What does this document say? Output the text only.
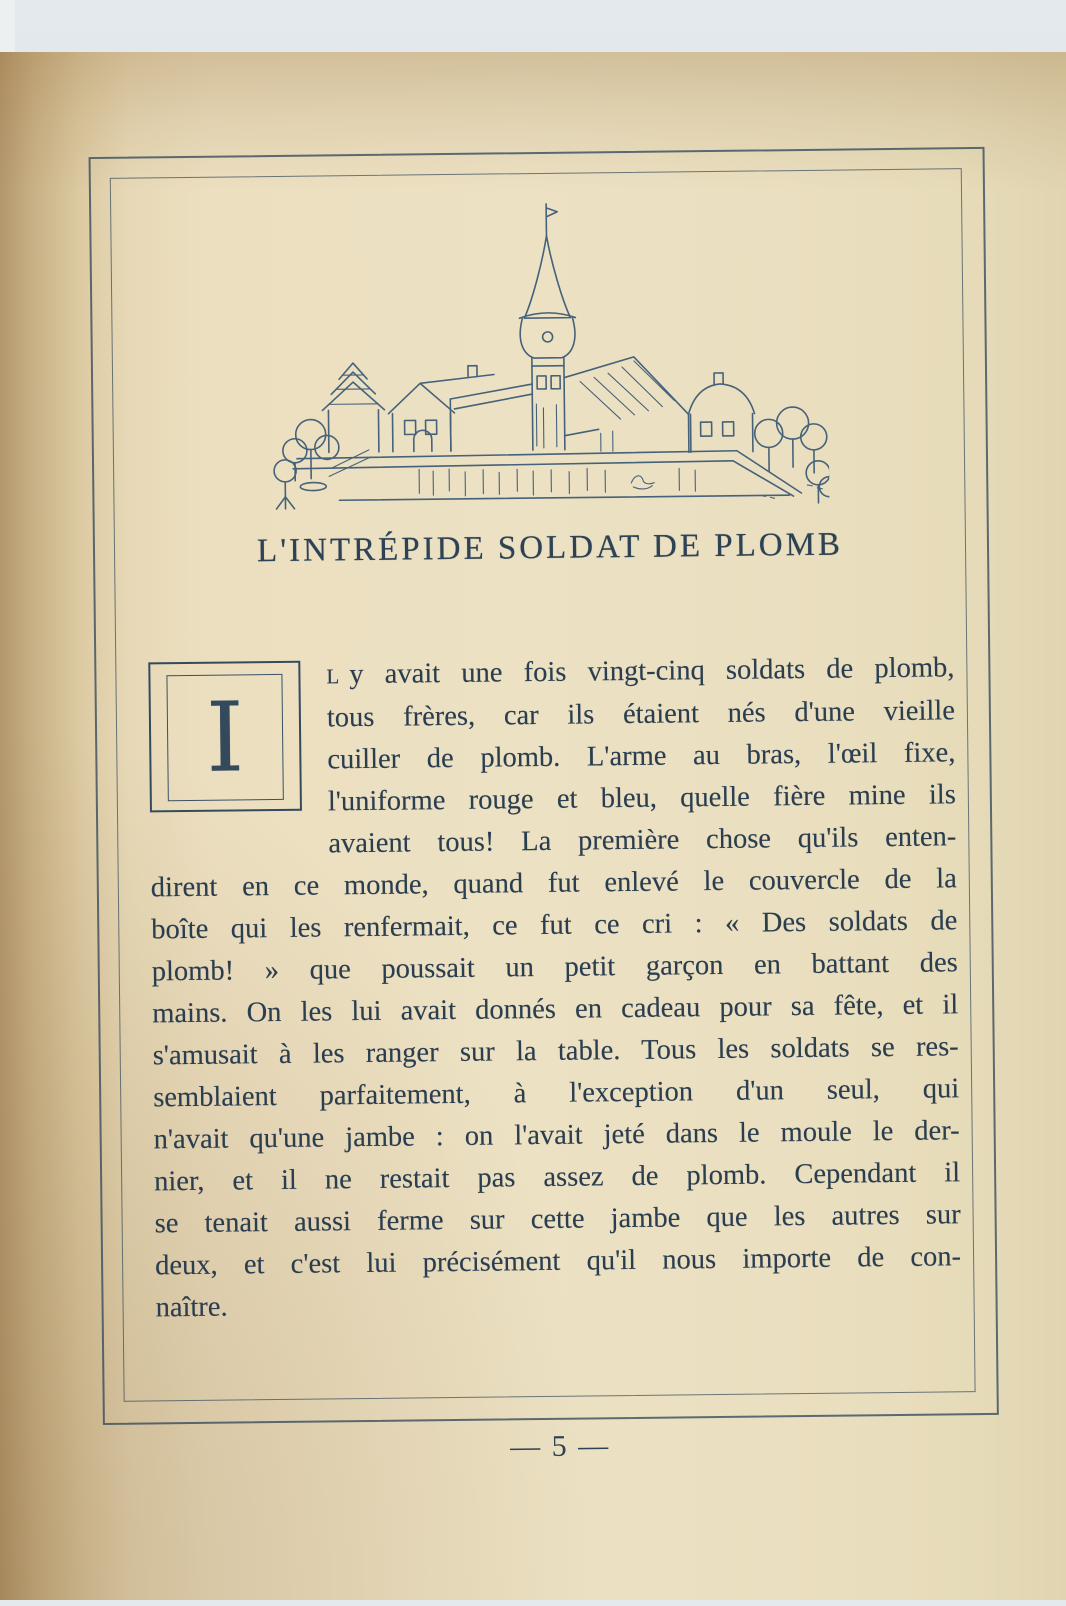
L'INTRÉPIDE SOLDAT DE PLOMB
I
L y avait une fois vingt-cinq soldats de plomb,
tous frères, car ils étaient nés d'une vieille
cuiller de plomb. L'arme au bras, l'œil fixe,
l'uniforme rouge et bleu, quelle fière mine ils
avaient tous! La première chose qu'ils enten-
dirent en ce monde, quand fut enlevé le couvercle de la
boîte qui les renfermait, ce fut ce cri : « Des soldats de
plomb! » que poussait un petit garçon en battant des
mains. On les lui avait donnés en cadeau pour sa fête, et il
s'amusait à les ranger sur la table. Tous les soldats se res-
semblaient parfaitement, à l'exception d'un seul, qui
n'avait qu'une jambe : on l'avait jeté dans le moule le der-
nier, et il ne restait pas assez de plomb. Cependant il
se tenait aussi ferme sur cette jambe que les autres sur
deux, et c'est lui précisément qu'il nous importe de con-
naître.
— 5 —
